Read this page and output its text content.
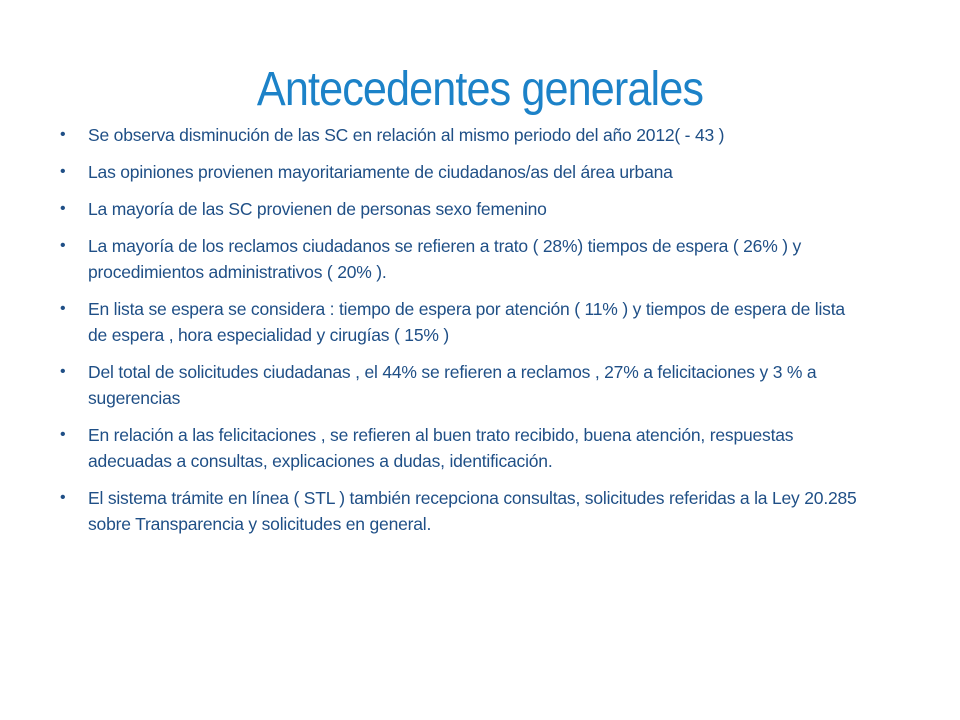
Antecedentes generales
•	Se observa disminución de las SC en relación al mismo periodo del año 2012( - 43 )
•	Las opiniones provienen mayoritariamente de ciudadanos/as del área urbana
•	La mayoría de las SC provienen de personas sexo femenino
•	La mayoría de los reclamos ciudadanos se refieren a trato ( 28%) tiempos de espera ( 26% ) y procedimientos administrativos ( 20% ).
•	En lista se espera se considera : tiempo de espera por atención ( 11% ) y tiempos de espera de lista de espera , hora especialidad y cirugías ( 15% )
•	Del total de solicitudes ciudadanas , el 44% se refieren a reclamos , 27% a felicitaciones y 3 % a sugerencias
•	En relación a las felicitaciones , se refieren al buen trato recibido, buena atención, respuestas adecuadas a consultas, explicaciones a dudas, identificación.
•	El sistema trámite en línea ( STL ) también recepciona consultas, solicitudes referidas a la Ley 20.285 sobre Transparencia y solicitudes en general.
